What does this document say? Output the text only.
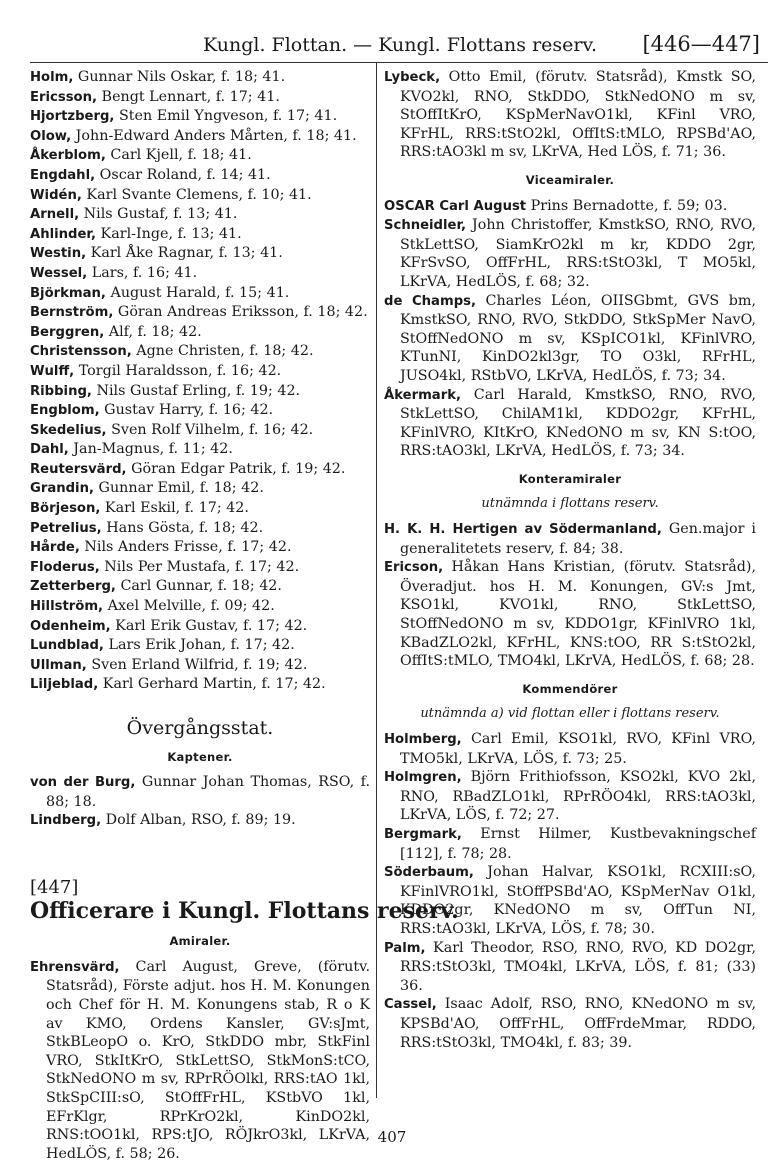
Kungl. Flottan. — Kungl. Flottans reserv.	[446—447]

Holm, Gunnar Nils Oskar, f. 18; 41.

Ericsson, Bengt Lennart, f. 17; 41.

Hjortzberg, Sten Emil Yngveson, f. 17; 41.

Olow, John-Edward Anders Mårten, f. 18; 41.

Åkerblom, Carl Kjell, f. 18; 41.

Engdahl, Oscar Roland, f. 14; 41.

Widén, Karl Svante Clemens, f. 10; 41.

Arnell, Nils Gustaf, f. 13; 41.

Ahlinder, Karl-Inge, f. 13; 41.

Westin, Karl Åke Ragnar, f. 13; 41.

Wessel, Lars, f. 16; 41.

Björkman, August Harald, f. 15; 41.

Bernström, Göran Andreas Eriksson, f. 18; 42.

Berggren, Alf, f. 18; 42.

Christensson, Agne Christen, f. 18; 42.

Wulff, Torgil Haraldsson, f. 16; 42.

Ribbing, Nils Gustaf Erling, f. 19; 42.

Engblom, Gustav Harry, f. 16; 42.

Skedelius, Sven Rolf Vilhelm, f. 16; 42.

Dahl, Jan-Magnus, f. 11; 42.

Reutersvärd, Göran Edgar Patrik, f. 19; 42.

Grandin, Gunnar Emil, f. 18; 42.

Börjeson, Karl Eskil, f. 17; 42.

Petrelius, Hans Gösta, f. 18; 42.

Hårde, Nils Anders Frisse, f. 17; 42.

Floderus, Nils Per Mustafa, f. 17; 42.

Zetterberg, Carl Gunnar, f. 18; 42.

Hillström, Axel Melville, f. 09; 42.

Odenheim, Karl Erik Gustav, f. 17; 42.

Lundblad, Lars Erik Johan, f. 17; 42.

Ullman, Sven Erland Wilfrid, f. 19; 42.

Liljeblad, Karl Gerhard Martin, f. 17; 42.

Övergångsstat.
Kaptener.

von der Burg, Gunnar Johan Thomas, RSO, f. 88; 18.

Lindberg, Dolf Alban, RSO, f. 89; 19.

[447]
Officerare i Kungl. Flottans reserv.
Amiraler.

Ehrensvärd, Carl August, Greve, (förutv. Statsråd), Förste adjut. hos H. M. Konungen och Chef för H. M. Konungens stab, R o K av KMO, Ordens Kansler, GV:sJmt, StkBLeopO o. KrO, StkDDO mbr, StkFinl VRO, StkItKrO, StkLettSO, StkMonS:tCO, StkNedONO m sv, RPrRÖOlkl, RRS:tAO 1kl, StkSpCIII:sO, StOffFrHL, KStbVO 1kl, EFrKlgr, RPrKrO2kl, KinDO2kl, RNS:tOO1kl, RPS:tJO, RÖJkrO3kl, LKrVA, HedLÖS, f. 58; 26.

Lybeck, Otto Emil, (förutv. Statsråd), Kmstk SO, KVO2kl, RNO, StkDDO, StkNedONO m sv, StOffItKrO, KSpMerNavO1kl, KFinl VRO, KFrHL, RRS:tStO2kl, OffItS:tMLO, RPSBd'AO, RRS:tAO3kl m sv, LKrVA, Hed LÖS, f. 71; 36.

Viceamiraler.

OSCAR Carl August Prins Bernadotte, f. 59; 03.

Schneidler, John Christoffer, KmstkSO, RNO, RVO, StkLettSO, SiamKrO2kl m kr, KDDO 2gr, KFrSvSO, OffFrHL, RRS:tStO3kl, T MO5kl, LKrVA, HedLÖS, f. 68; 32.

de Champs, Charles Léon, OIISGbmt, GVS bm, KmstkSO, RNO, RVO, StkDDO, StkSpMer NavO, StOffNedONO m sv, KSpICO1kl, KFinlVRO, KTunNI, KinDO2kl3gr, TO O3kl, RFrHL, JUSO4kl, RStbVO, LKrVA, HedLÖS, f. 73; 34.

Åkermark, Carl Harald, KmstkSO, RNO, RVO, StkLettSO, ChilAM1kl, KDDO2gr, KFrHL, KFinlVRO, KItKrO, KNedONO m sv, KN S:tOO, RRS:tAO3kl, LKrVA, HedLÖS, f. 73; 34.

Konteramiraler
utnämnda i flottans reserv.

H. K. H. Hertigen av Södermanland, Gen.major i generalitetets reserv, f. 84; 38.

Ericson, Håkan Hans Kristian, (förutv. Statsråd), Överadjut. hos H. M. Konungen, GV:s Jmt, KSO1kl, KVO1kl, RNO, StkLettSO, StOffNedONO m sv, KDDO1gr, KFinlVRO 1kl, KBadZLO2kl, KFrHL, KNS:tOO, RR S:tStO2kl, OffItS:tMLO, TMO4kl, LKrVA, HedLÖS, f. 68; 28.

Kommendörer
utnämnda a) vid flottan eller i flottans reserv.

Holmberg, Carl Emil, KSO1kl, RVO, KFinl VRO, TMO5kl, LKrVA, LÖS, f. 73; 25.

Holmgren, Björn Frithiofsson, KSO2kl, KVO 2kl, RNO, RBadZLO1kl, RPrRÖO4kl, RRS:tAO3kl, LKrVA, LÖS, f. 72; 27.

Bergmark, Ernst Hilmer, Kustbevakningschef [112], f. 78; 28.

Söderbaum, Johan Halvar, KSO1kl, RCXIII:sO, KFinlVRO1kl, StOffPSBd'AO, KSpMerNav O1kl, KDDO2gr, KNedONO m sv, OffTun NI, RRS:tAO3kl, LKrVA, LÖS, f. 78; 30.

Palm, Karl Theodor, RSO, RNO, RVO, KD DO2gr, RRS:tStO3kl, TMO4kl, LKrVA, LÖS, f. 81; (33) 36.

Cassel, Isaac Adolf, RSO, RNO, KNedONO m sv, KPSBd'AO, OffFrHL, OffFrdeMmar, RDDO, RRS:tStO3kl, TMO4kl, f. 83; 39.

407
